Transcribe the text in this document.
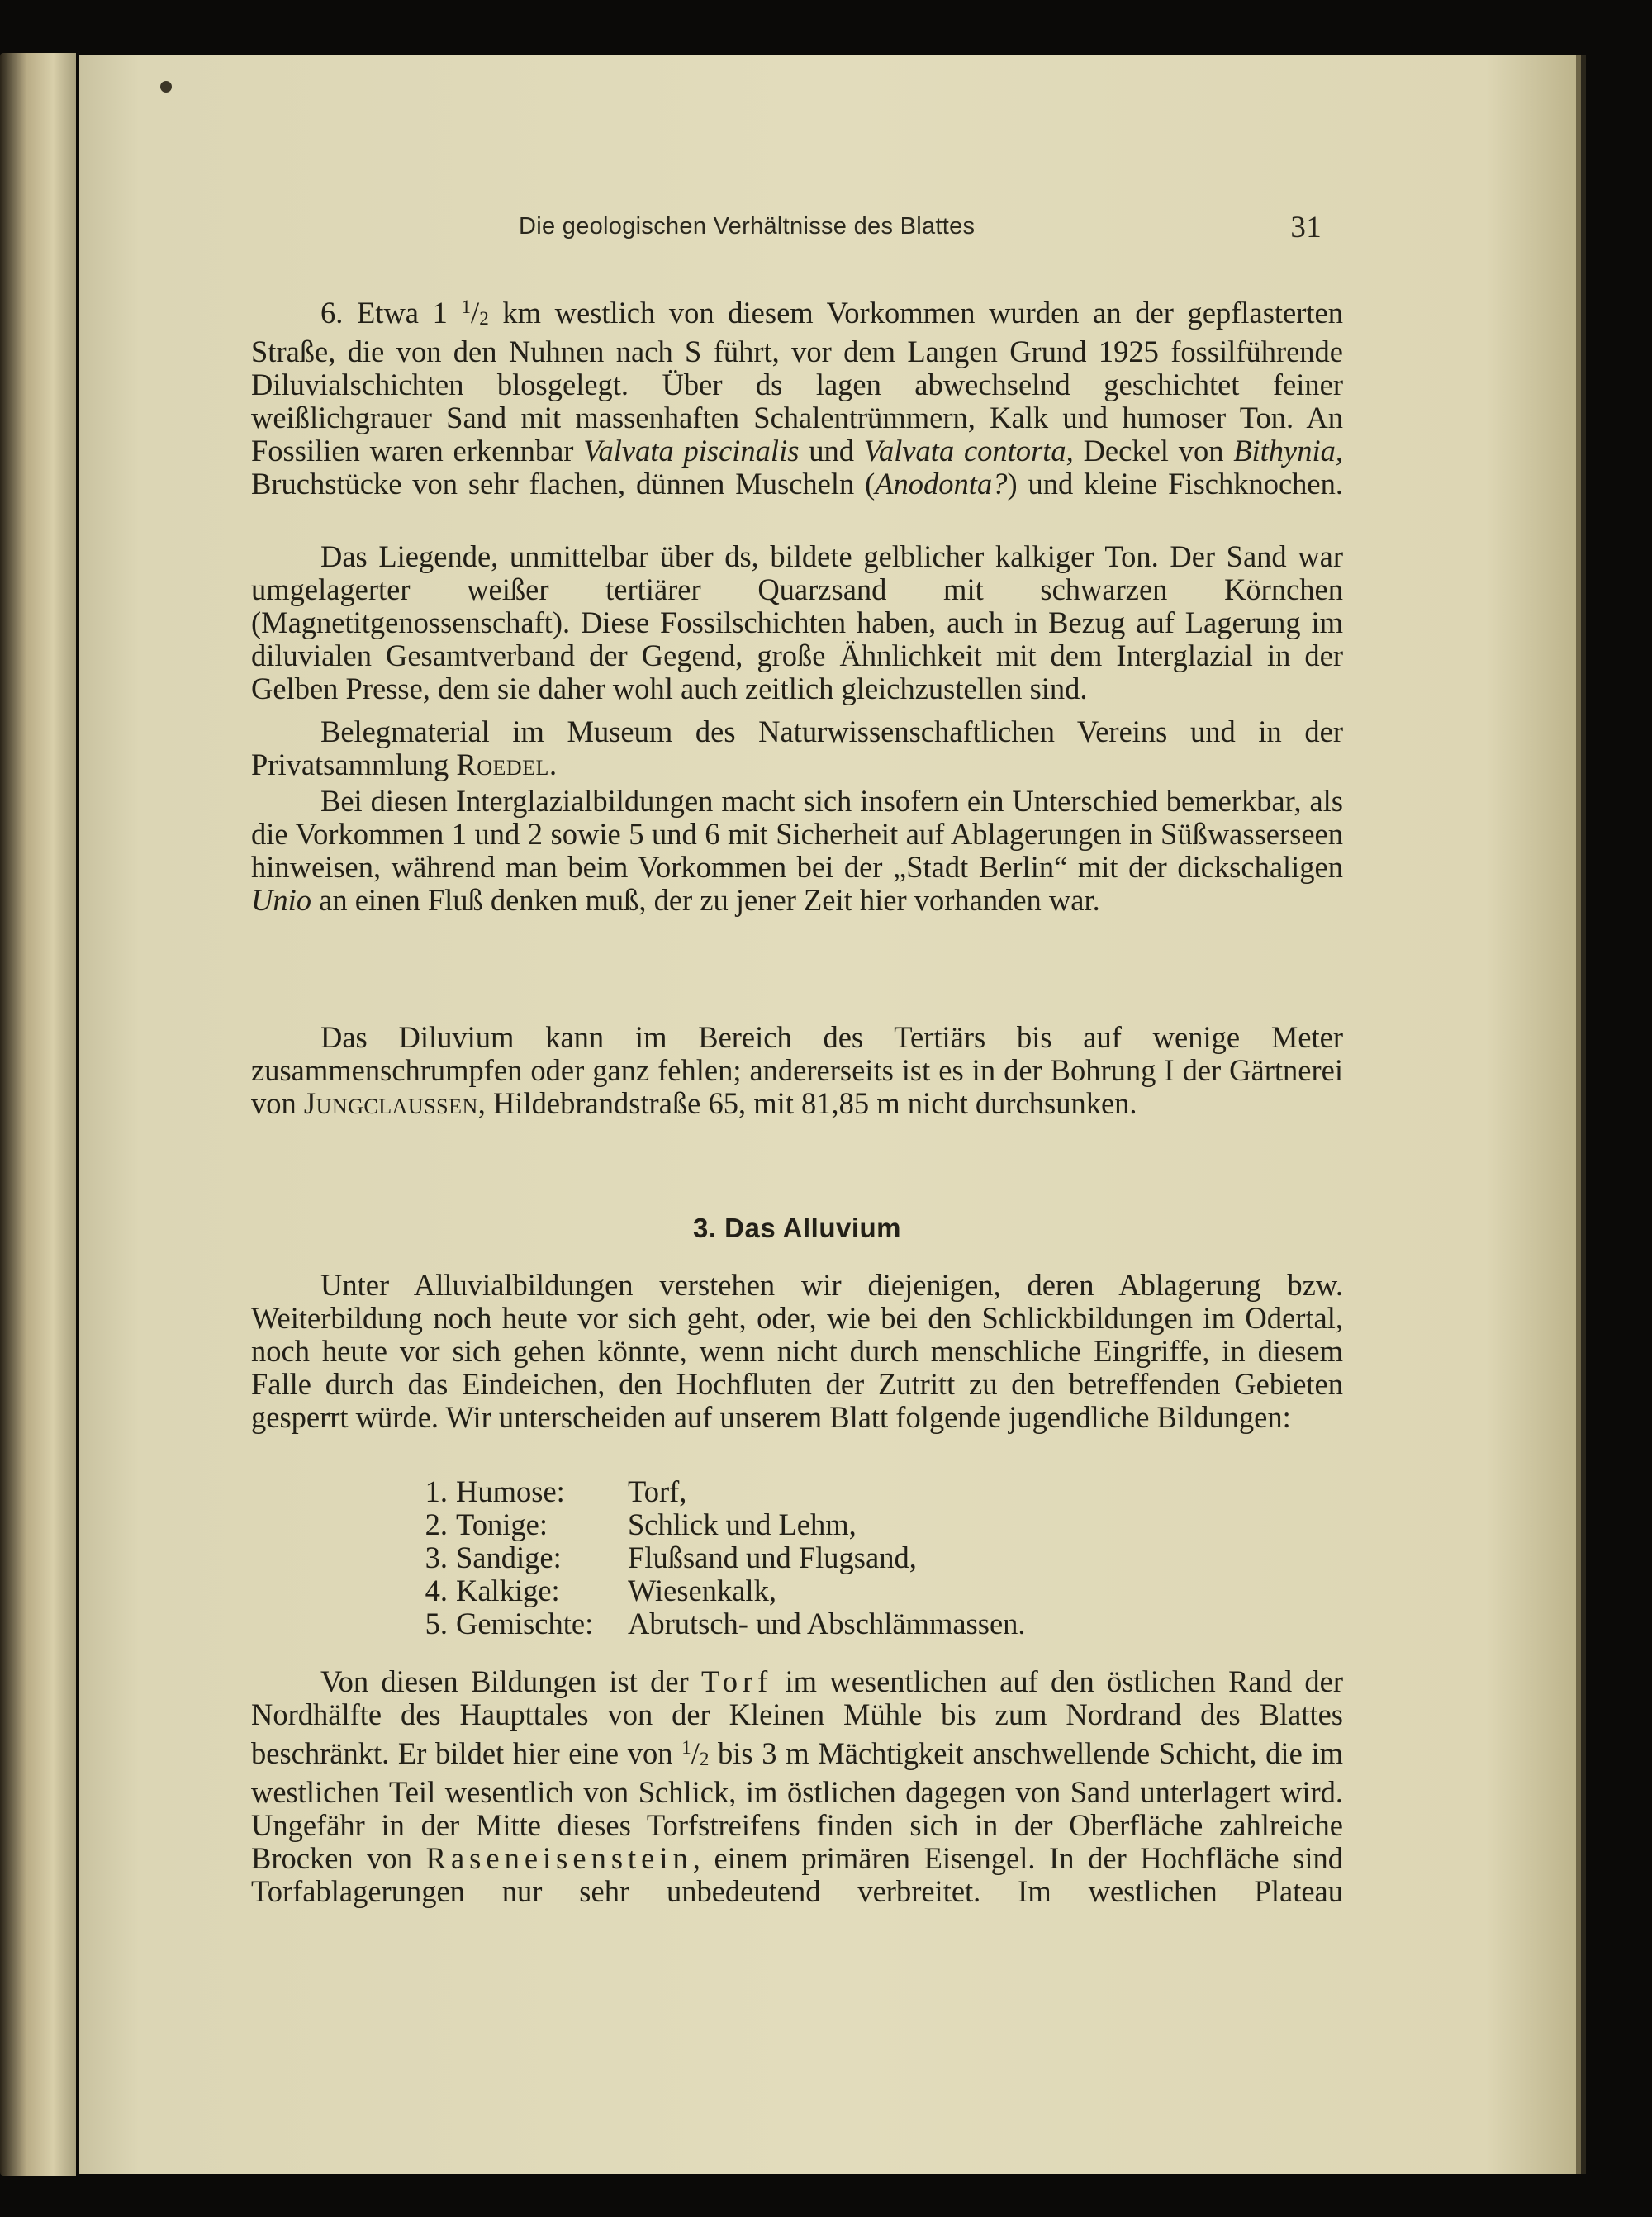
Die geologischen Verhältnisse des Blattes	31

6. Etwa 1 $^1$/2 km westlich von diesem Vorkommen wurden an der gepflasterten Straße, die von den Nuhnen nach S führt, vor dem Langen Grund 1925 fossilführende Diluvialschichten blosgelegt. Über ds lagen abwechselnd geschichtet feiner weißlichgrauer Sand mit massenhaften Schalentrümmern, Kalk und humoser Ton. An Fossilien waren erkennbar Valvata piscinalis und Valvata contorta, Deckel von Bithynia, Bruchstücke von sehr flachen, dünnen Muscheln (Anodonta?) und kleine Fischknochen.

Das Liegende, unmittelbar über ds, bildete gelblicher kalkiger Ton. Der Sand war umgelagerter weißer tertiärer Quarzsand mit schwarzen Körnchen (Magnetitgenossenschaft). Diese Fossilschichten haben, auch in Bezug auf Lagerung im diluvialen Gesamtverband der Gegend, große Ähnlichkeit mit dem Interglazial in der Gelben Presse, dem sie daher wohl auch zeitlich gleichzustellen sind.

Belegmaterial im Museum des Naturwissenschaftlichen Vereins und in der Privatsammlung Roedel.

Bei diesen Interglazialbildungen macht sich insofern ein Unterschied bemerkbar, als die Vorkommen 1 und 2 sowie 5 und 6 mit Sicherheit auf Ablagerungen in Süßwasserseen hinweisen, während man beim Vorkommen bei der „Stadt Berlin“ mit der dickschaligen Unio an einen Fluß denken muß, der zu jener Zeit hier vorhanden war.

Das Diluvium kann im Bereich des Tertiärs bis auf wenige Meter zusammenschrumpfen oder ganz fehlen; andererseits ist es in der Bohrung I der Gärtnerei von Jungclaussen, Hildebrandstraße 65, mit 81,85 m nicht durchsunken.

3. Das Alluvium

Unter Alluvialbildungen verstehen wir diejenigen, deren Ablagerung bzw. Weiterbildung noch heute vor sich geht, oder, wie bei den Schlickbildungen im Odertal, noch heute vor sich gehen könnte, wenn nicht durch menschliche Eingriffe, in diesem Falle durch das Eindeichen, den Hochfluten der Zutritt zu den betreffenden Gebieten gesperrt würde. Wir unterscheiden auf unserem Blatt folgende jugendliche Bildungen:

1. Humose:	Torf,
2. Tonige:	Schlick und Lehm,
3. Sandige:	Flußsand und Flugsand,
4. Kalkige:	Wiesenkalk,
5. Gemischte:	Abrutsch- und Abschlämmassen.

Von diesen Bildungen ist der Torf im wesentlichen auf den östlichen Rand der Nordhälfte des Haupttales von der Kleinen Mühle bis zum Nordrand des Blattes beschränkt. Er bildet hier eine von $^1$/2 bis 3 m Mächtigkeit anschwellende Schicht, die im westlichen Teil wesentlich von Schlick, im östlichen dagegen von Sand unterlagert wird. Ungefähr in der Mitte dieses Torfstreifens finden sich in der Oberfläche zahlreiche Brocken von Raseneisenstein, einem primären Eisengel. In der Hochfläche sind Torfablagerungen nur sehr unbedeutend verbreitet. Im westlichen Plateau
